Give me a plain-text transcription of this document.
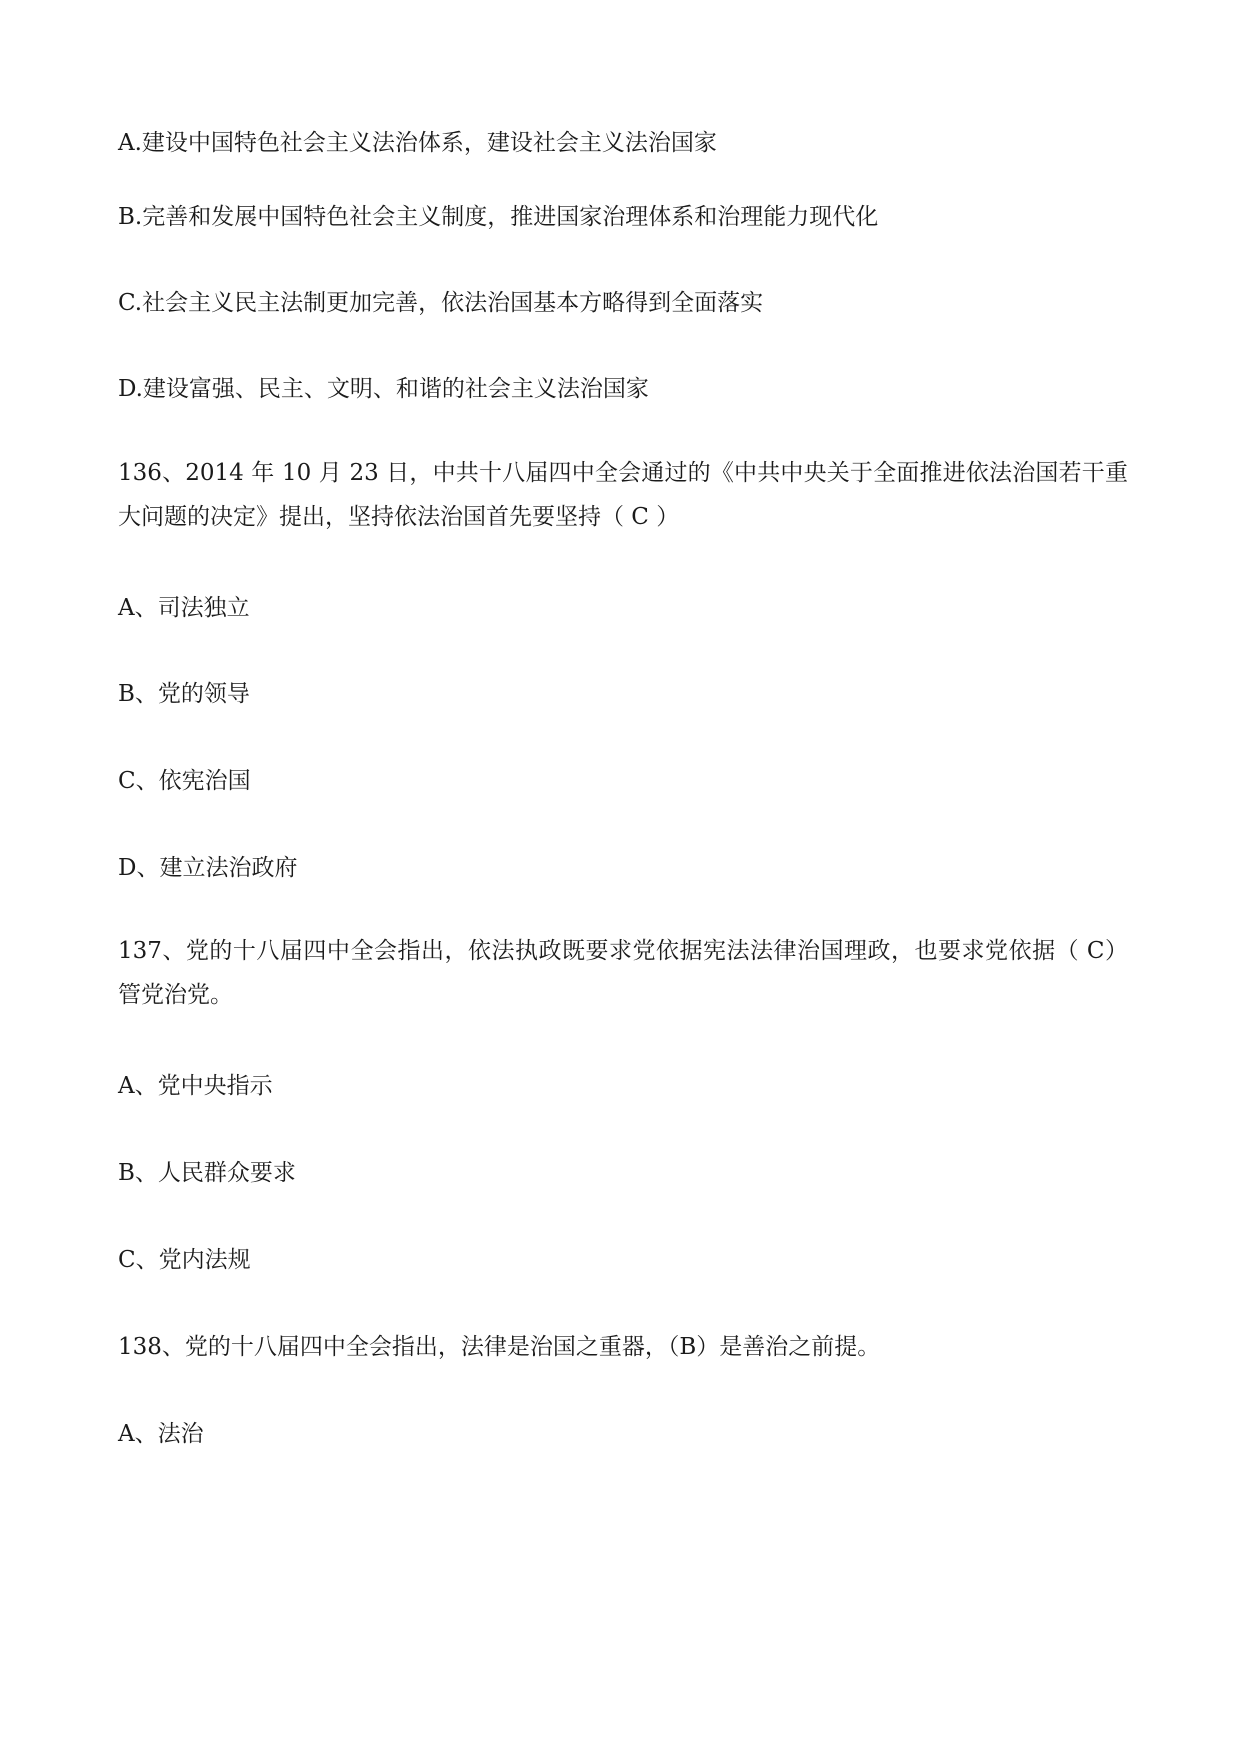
A.建设中国特色社会主义法治体系，建设社会主义法治国家
B.完善和发展中国特色社会主义制度，推进国家治理体系和治理能力现代化
C.社会主义民主法制更加完善，依法治国基本方略得到全面落实
D.建设富强、民主、文明、和谐的社会主义法治国家
136、2014 年 10 月 23 日，中共十八届四中全会通过的《中共中央关于全面推进依法治国若干重大问题的决定》提出，坚持依法治国首先要坚持（ C ）
A、司法独立
B、党的领导
C、依宪治国
D、建立法治政府
137、党的十八届四中全会指出，依法执政既要求党依据宪法法律治国理政，也要求党依据（ C）管党治党。
A、党中央指示
B、人民群众要求
C、党内法规
138、党的十八届四中全会指出，法律是治国之重器，（B）是善治之前提。
A、法治
